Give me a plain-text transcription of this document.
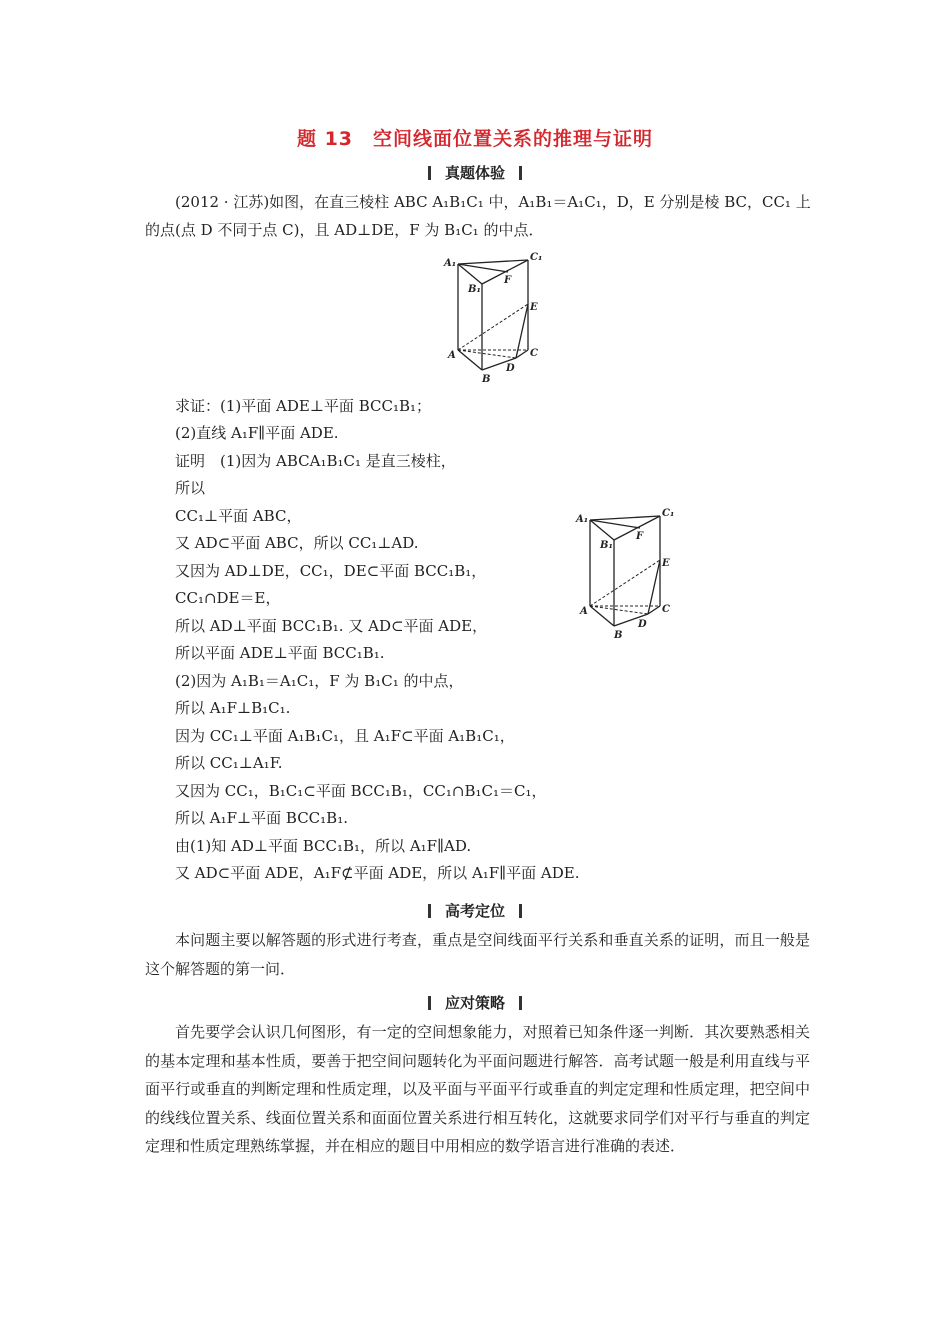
题 13　空间线面位置关系的推理与证明
真题体验
(2012 · 江苏)如图，在直三棱柱 ABC A₁B₁C₁ 中，A₁B₁＝A₁C₁，D，E 分别是棱 BC，CC₁ 上
的点(点 D 不同于点 C)，且 AD⊥DE，F 为 B₁C₁ 的中点．
A₁
C₁
B₁
F
E
A	C
D
B
求证：(1)平面 ADE⊥平面 BCC₁B₁；
(2)直线 A₁F∥平面 ADE.
证明　(1)因为 ABCA₁B₁C₁ 是直三棱柱，
所以
CC₁⊥平面 ABC，
又 AD⊂平面 ABC，所以 CC₁⊥AD.
又因为 AD⊥DE，CC₁，DE⊂平面 BCC₁B₁，
CC₁∩DE＝E，
所以 AD⊥平面 BCC₁B₁. 又 AD⊂平面 ADE，
所以平面 ADE⊥平面 BCC₁B₁.
(2)因为 A₁B₁＝A₁C₁，F 为 B₁C₁ 的中点，
所以 A₁F⊥B₁C₁.
因为 CC₁⊥平面 A₁B₁C₁，且 A₁F⊂平面 A₁B₁C₁，
所以 CC₁⊥A₁F.
又因为 CC₁，B₁C₁⊂平面 BCC₁B₁，CC₁∩B₁C₁＝C₁，
所以 A₁F⊥平面 BCC₁B₁.
由(1)知 AD⊥平面 BCC₁B₁，所以 A₁F∥AD.
又 AD⊂平面 ADE，A₁F⊄平面 ADE，所以 A₁F∥平面 ADE.
A₁
C₁
B₁
F
E
A	C
D
B
高考定位
本问题主要以解答题的形式进行考查，重点是空间线面平行关系和垂直关系的证明，而且一般是这个解答题的第一问．
应对策略
首先要学会认识几何图形，有一定的空间想象能力，对照着已知条件逐一判断．其次要熟悉相关的基本定理和基本性质，要善于把空间问题转化为平面问题进行解答．高考试题一般是利用直线与平面平行或垂直的判断定理和性质定理，以及平面与平面平行或垂直的判定定理和性质定理，把空间中的线线位置关系、线面位置关系和面面位置关系进行相互转化，这就要求同学们对平行与垂直的判定定理和性质定理熟练掌握，并在相应的题目中用相应的数学语言进行准确的表述．
